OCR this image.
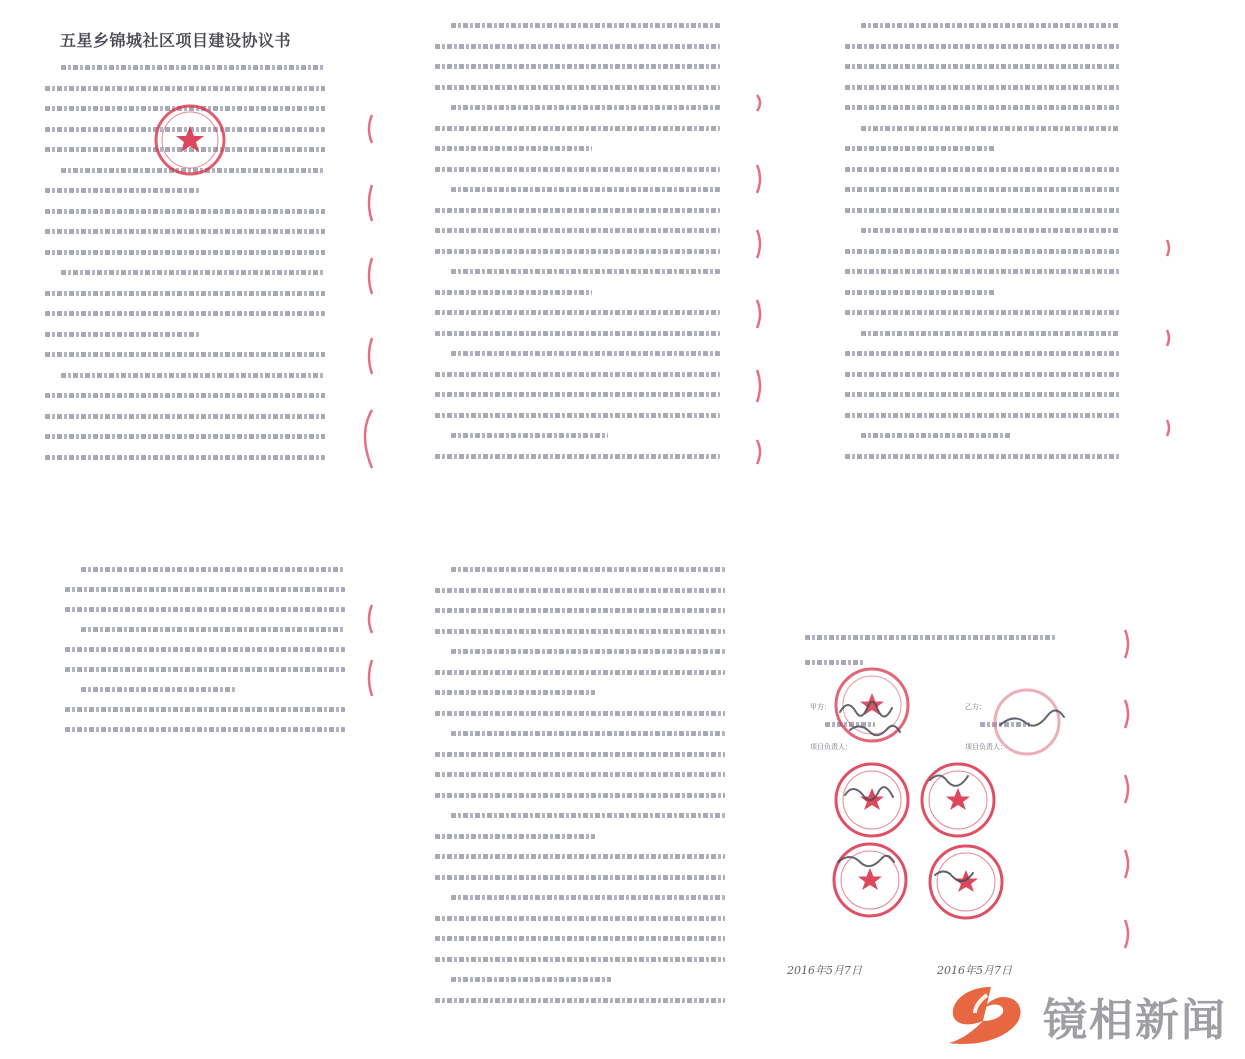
五星乡锦城社区项目建设协议书
甲方：	乙方：
项目负责人：	项目负责人：
2016年5月7日	2016年5月7日
镜相新闻
